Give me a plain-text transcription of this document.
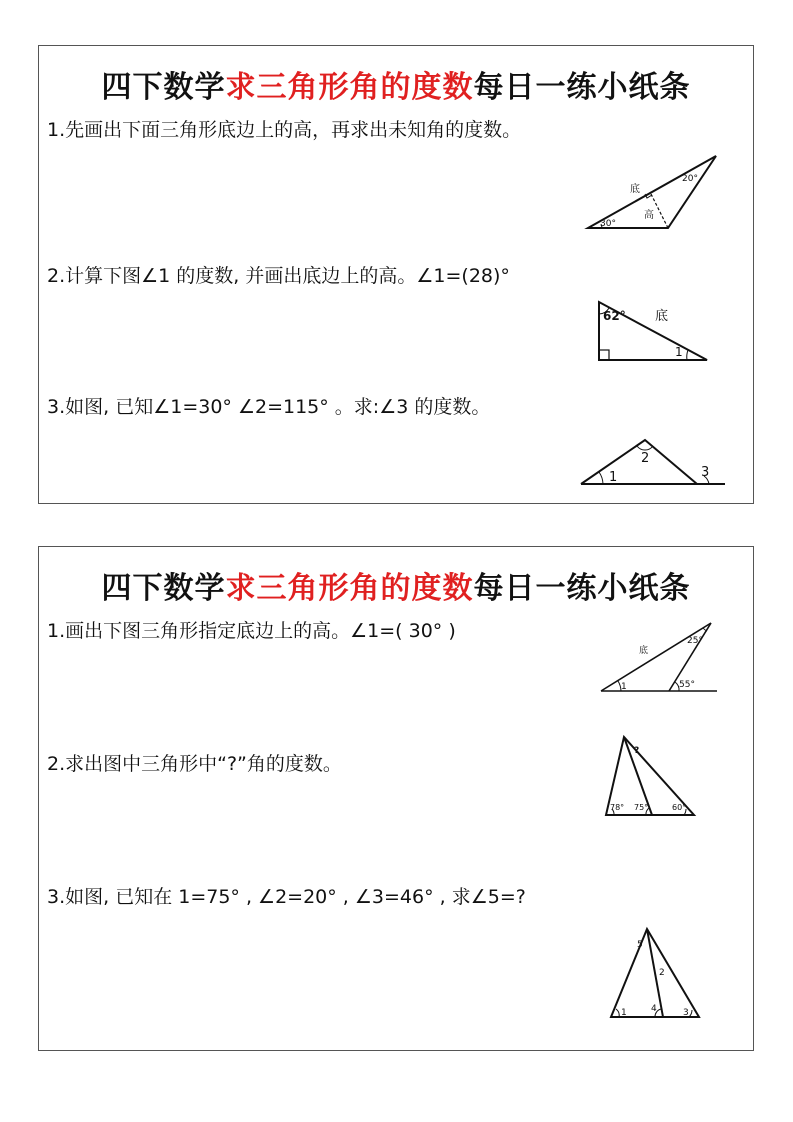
四下数学求三角形角的度数每日一练小纸条
1.先画出下面三角形底边上的高，再求出未知角的度数。
底
高
20°
30°
2.计算下图∠1 的度数, 并画出底边上的高。∠1=(28)°
62° 底
1
3.如图, 已知∠1=30° ∠2=115° 。求:∠3 的度数。
1
2
3
四下数学求三角形角的度数每日一练小纸条
1.画出下图三角形指定底边上的高。∠1=( 30° )
底
25°
55°
1
2.求出图中三角形中“?”角的度数。
?
78° 75°	60°
3.如图, 已知在 1=75° , ∠2=20° , ∠3=46° , 求∠5=?
5
2
1	4	3
